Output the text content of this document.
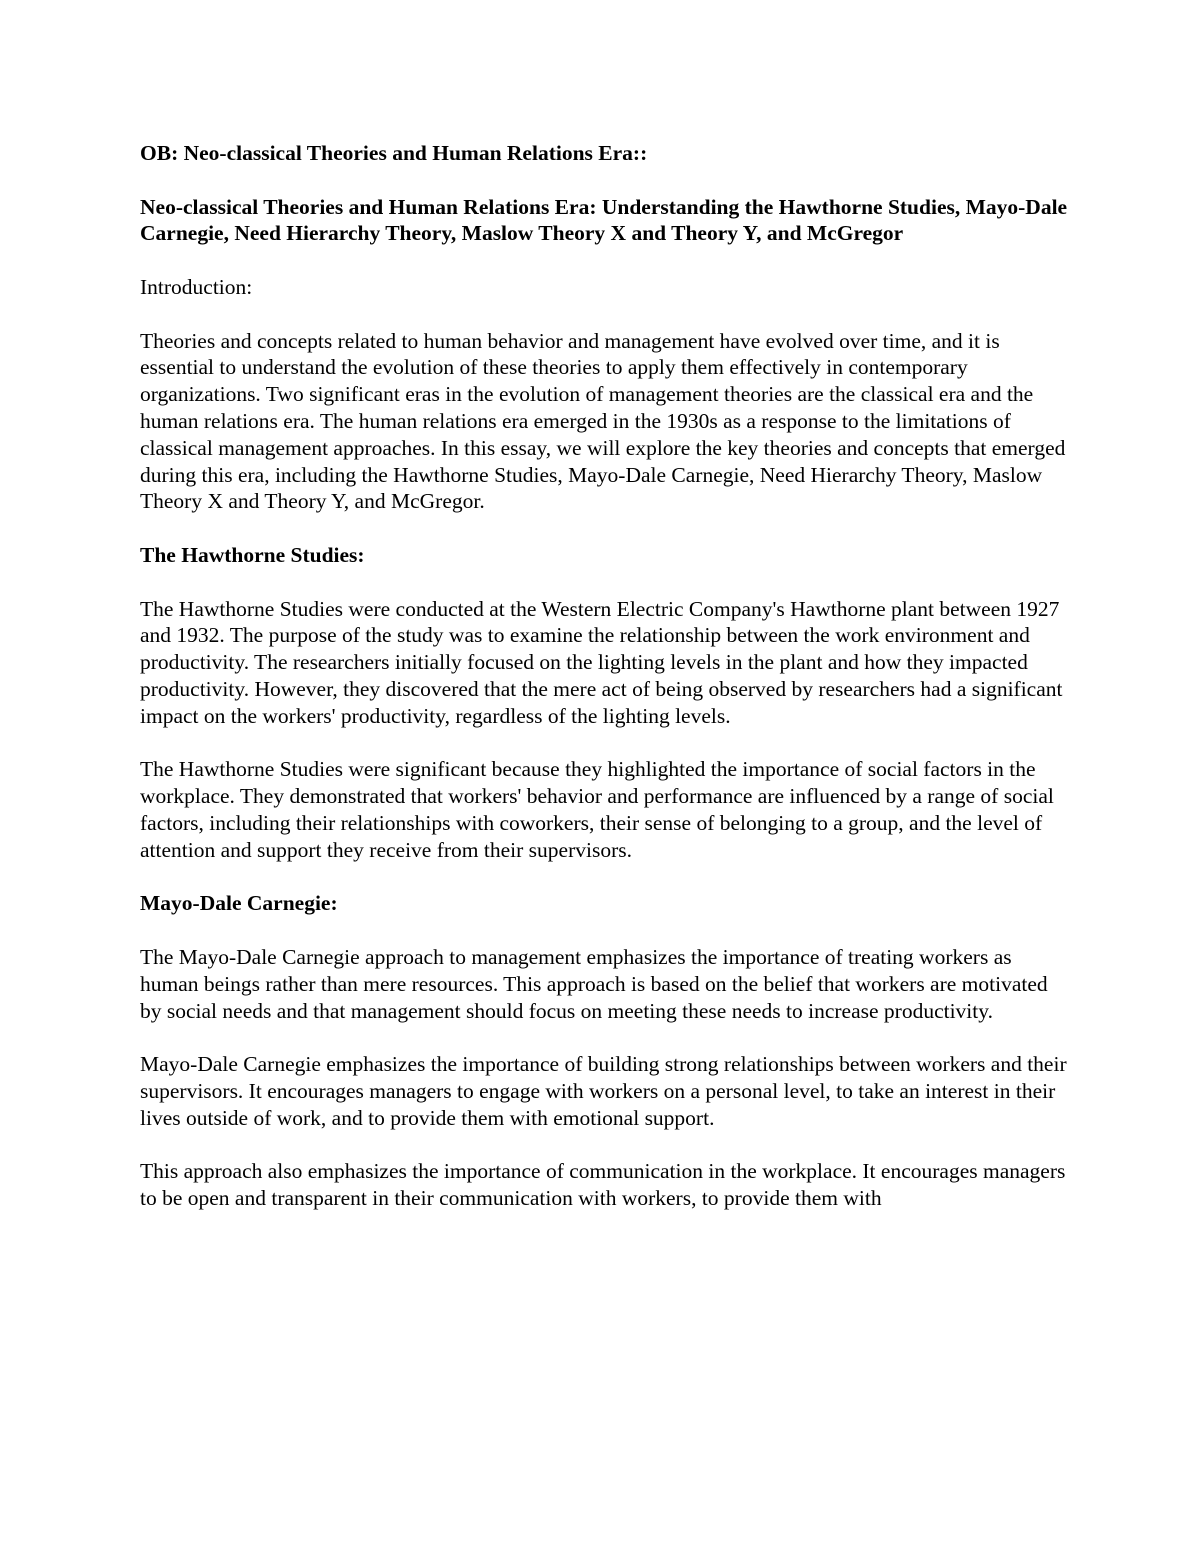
OB: Neo-classical Theories and Human Relations Era::

Neo-classical Theories and Human Relations Era: Understanding the Hawthorne Studies, Mayo-Dale Carnegie, Need Hierarchy Theory, Maslow Theory X and Theory Y, and McGregor

Introduction:

Theories and concepts related to human behavior and management have evolved over time, and it is essential to understand the evolution of these theories to apply them effectively in contemporary organizations. Two significant eras in the evolution of management theories are the classical era and the human relations era. The human relations era emerged in the 1930s as a response to the limitations of classical management approaches. In this essay, we will explore the key theories and concepts that emerged during this era, including the Hawthorne Studies, Mayo-Dale Carnegie, Need Hierarchy Theory, Maslow Theory X and Theory Y, and McGregor.

The Hawthorne Studies:

The Hawthorne Studies were conducted at the Western Electric Company's Hawthorne plant between 1927 and 1932. The purpose of the study was to examine the relationship between the work environment and productivity. The researchers initially focused on the lighting levels in the plant and how they impacted productivity. However, they discovered that the mere act of being observed by researchers had a significant impact on the workers' productivity, regardless of the lighting levels.

The Hawthorne Studies were significant because they highlighted the importance of social factors in the workplace. They demonstrated that workers' behavior and performance are influenced by a range of social factors, including their relationships with coworkers, their sense of belonging to a group, and the level of attention and support they receive from their supervisors.

Mayo-Dale Carnegie:

The Mayo-Dale Carnegie approach to management emphasizes the importance of treating workers as human beings rather than mere resources. This approach is based on the belief that workers are motivated by social needs and that management should focus on meeting these needs to increase productivity.

Mayo-Dale Carnegie emphasizes the importance of building strong relationships between workers and their supervisors. It encourages managers to engage with workers on a personal level, to take an interest in their lives outside of work, and to provide them with emotional support.

This approach also emphasizes the importance of communication in the workplace. It encourages managers to be open and transparent in their communication with workers, to provide them with
